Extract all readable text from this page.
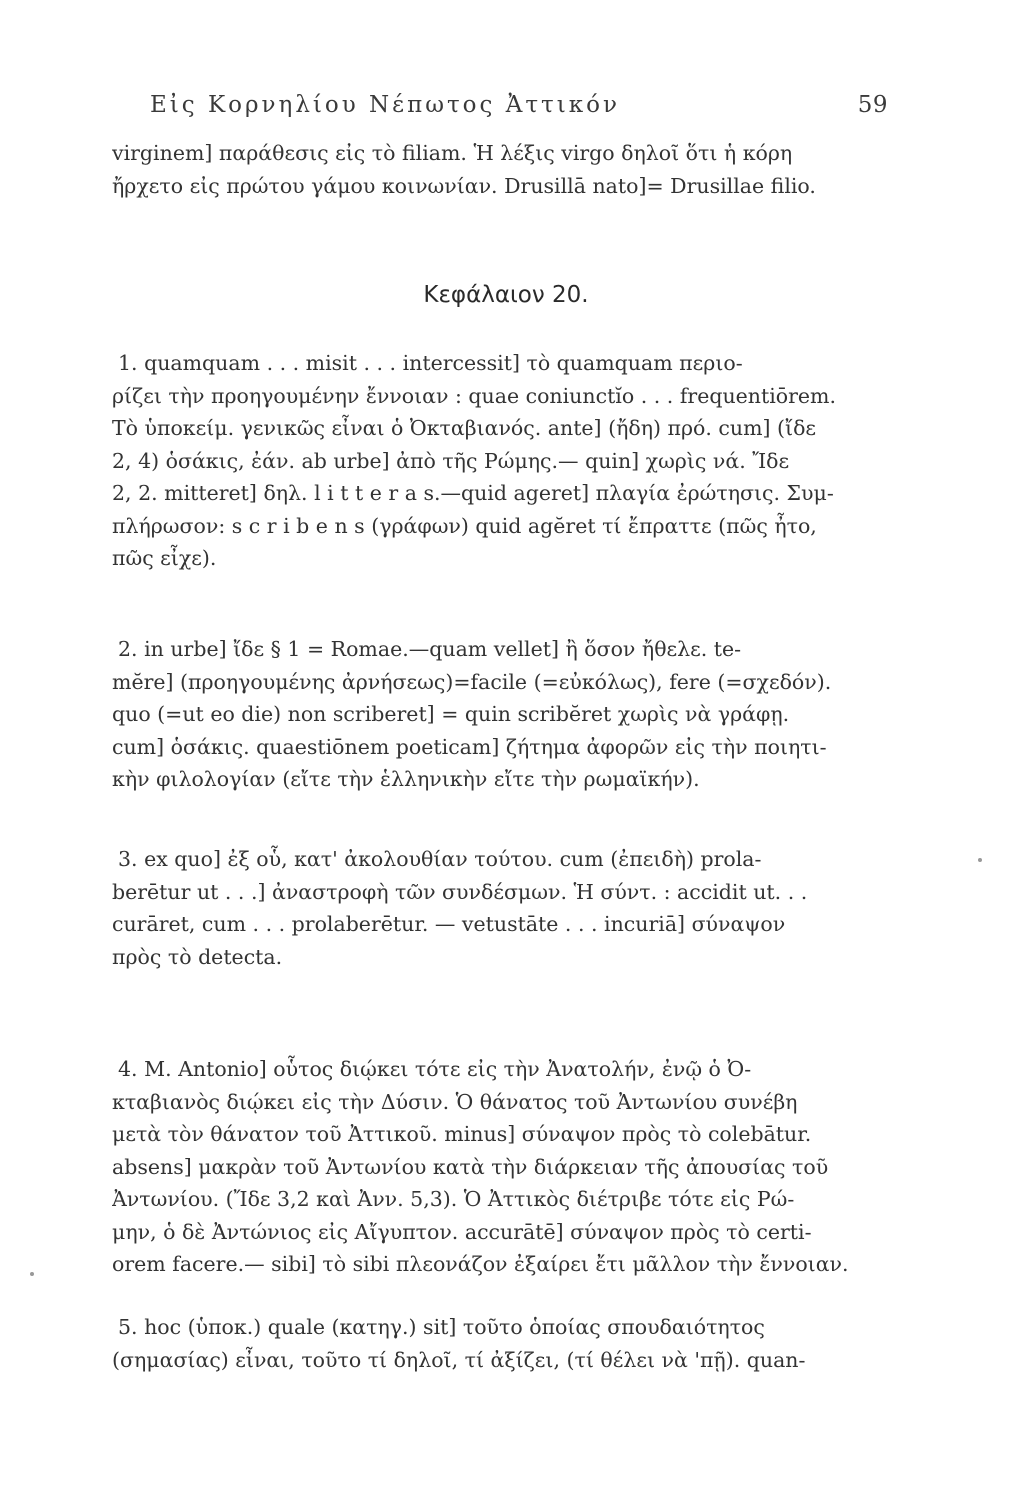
Εἰς Κορνηλίου Νέπωτος Ἀττικόν	59
virginem] παράθεσις εἰς τὸ filiam. Ἡ λέξις virgo δηλοῖ ὅτι ἡ κόρη
ἤρχετο εἰς πρώτου γάμου κοινωνίαν. Drusillā nato]= Drusillae filio.
Κεφάλαιον 20.
1. quamquam . . . misit . . . intercessit] τὸ quamquam περιο-
ρίζει τὴν προηγουμένην ἔννοιαν : quae coniunctĭo . . . frequentiōrem.
Τὸ ὑποκείμ. γενικῶς εἶναι ὁ Ὀκταβιανός. ante] (ἤδη) πρό. cum] (ἴδε
2, 4) ὁσάκις, ἐάν. ab urbe] ἀπὸ τῆς Ρώμης.— quin] χωρὶς νά. Ἴδε
2, 2. mitteret] δηλ. l i t t e r a s.—quid ageret] πλαγία ἐρώτησις. Συμ-
πλήρωσον: s c r i b e n s (γράφων) quid agĕret τί ἔπραττε (πῶς ἦτο,
πῶς εἶχε).
2. in urbe] ἴδε § 1 = Romae.—quam vellet] ἢ ὅσον ἤθελε. te-
mĕre] (προηγουμένης ἀρνήσεως)=facile (=εὐκόλως), fere (=σχεδόν).
quo (=ut eo die) non scriberet] = quin scribĕret χωρὶς νὰ γράφῃ.
cum] ὁσάκις. quaestiōnem poeticam] ζήτημα ἀφορῶν εἰς τὴν ποιητι-
κὴν φιλολογίαν (εἴτε τὴν ἑλληνικὴν εἴτε τὴν ρωμαϊκήν).
3. ex quo] ἐξ οὗ, κατ' ἀκολουθίαν τούτου. cum (ἐπειδὴ) prola-
berētur ut . . .] ἀναστροφὴ τῶν συνδέσμων. Ἡ σύντ. : accidit ut. . .
curāret, cum . . . prolaberētur. — vetustāte . . . incuriā] σύναψον
πρὸς τὸ detecta.
4. M. Antonio] οὗτος διῴκει τότε εἰς τὴν Ἀνατολήν, ἐνῷ ὁ Ὀ-
κταβιανὸς διῴκει εἰς τὴν Δύσιν. Ὁ θάνατος τοῦ Ἀντωνίου συνέβη
μετὰ τὸν θάνατον τοῦ Ἀττικοῦ. minus] σύναψον πρὸς τὸ colebātur.
absens] μακρὰν τοῦ Ἀντωνίου κατὰ τὴν διάρκειαν τῆς ἀπουσίας τοῦ
Ἀντωνίου. (Ἴδε 3,2 καὶ Ἀνν. 5,3). Ὁ Ἀττικὸς διέτριβε τότε εἰς Ρώ-
μην, ὁ δὲ Ἀντώνιος εἰς Αἴγυπτον. accurātē] σύναψον πρὸς τὸ certi-
orem facere.— sibi] τὸ sibi πλεονάζον ἐξαίρει ἔτι μᾶλλον τὴν ἔννοιαν.
5. hoc (ὑποκ.) quale (κατηγ.) sit] τοῦτο ὁποίας σπουδαιότητος
(σημασίας) εἶναι, τοῦτο τί δηλοῖ, τί ἀξίζει, (τί θέλει νὰ 'πῇ). quan-
